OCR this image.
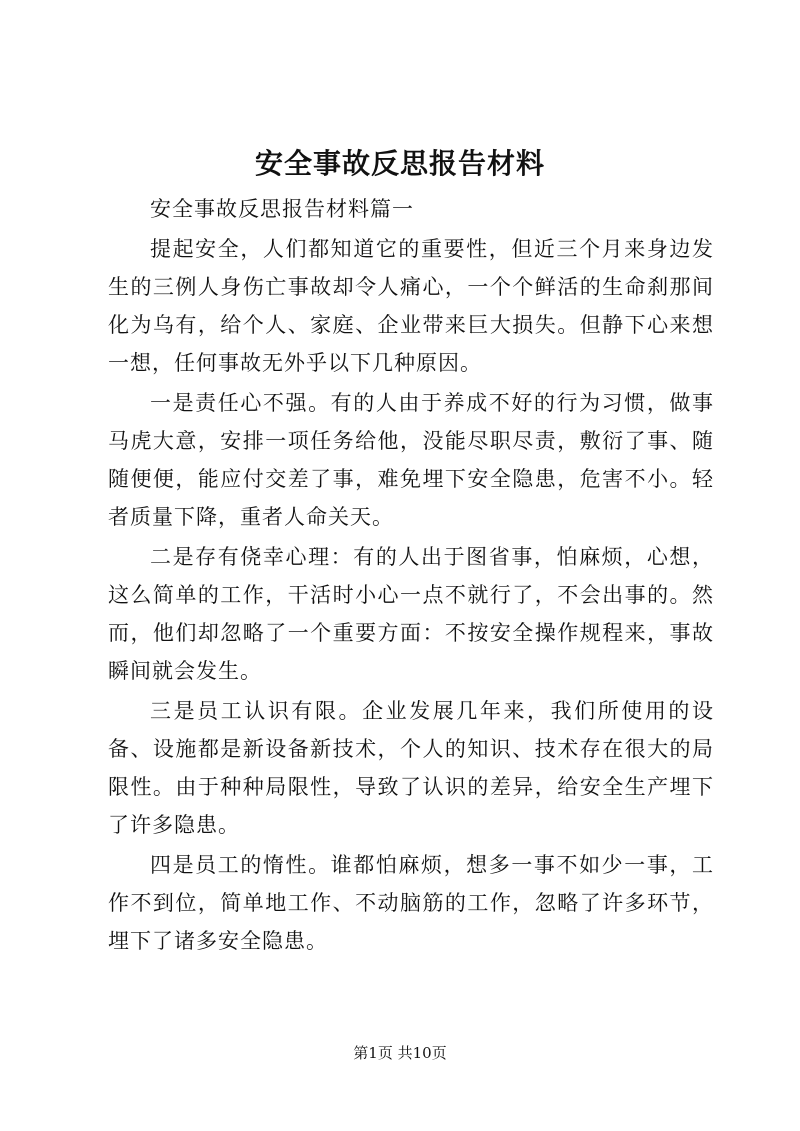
安全事故反思报告材料

安全事故反思报告材料篇一

提起安全，人们都知道它的重要性，但近三个月来身边发生的三例人身伤亡事故却令人痛心，一个个鲜活的生命刹那间化为乌有，给个人、家庭、企业带来巨大损失。但静下心来想一想，任何事故无外乎以下几种原因。

一是责任心不强。有的人由于养成不好的行为习惯，做事马虎大意，安排一项任务给他，没能尽职尽责，敷衍了事、随随便便，能应付交差了事，难免埋下安全隐患，危害不小。轻者质量下降，重者人命关天。

二是存有侥幸心理：有的人出于图省事，怕麻烦，心想，这么简单的工作，干活时小心一点不就行了，不会出事的。然而，他们却忽略了一个重要方面：不按安全操作规程来，事故瞬间就会发生。

三是员工认识有限。企业发展几年来，我们所使用的设备、设施都是新设备新技术，个人的知识、技术存在很大的局限性。由于种种局限性，导致了认识的差异，给安全生产埋下了许多隐患。

四是员工的惰性。谁都怕麻烦，想多一事不如少一事，工作不到位，简单地工作、不动脑筋的工作，忽略了许多环节，埋下了诸多安全隐患。

第1页 共10页
